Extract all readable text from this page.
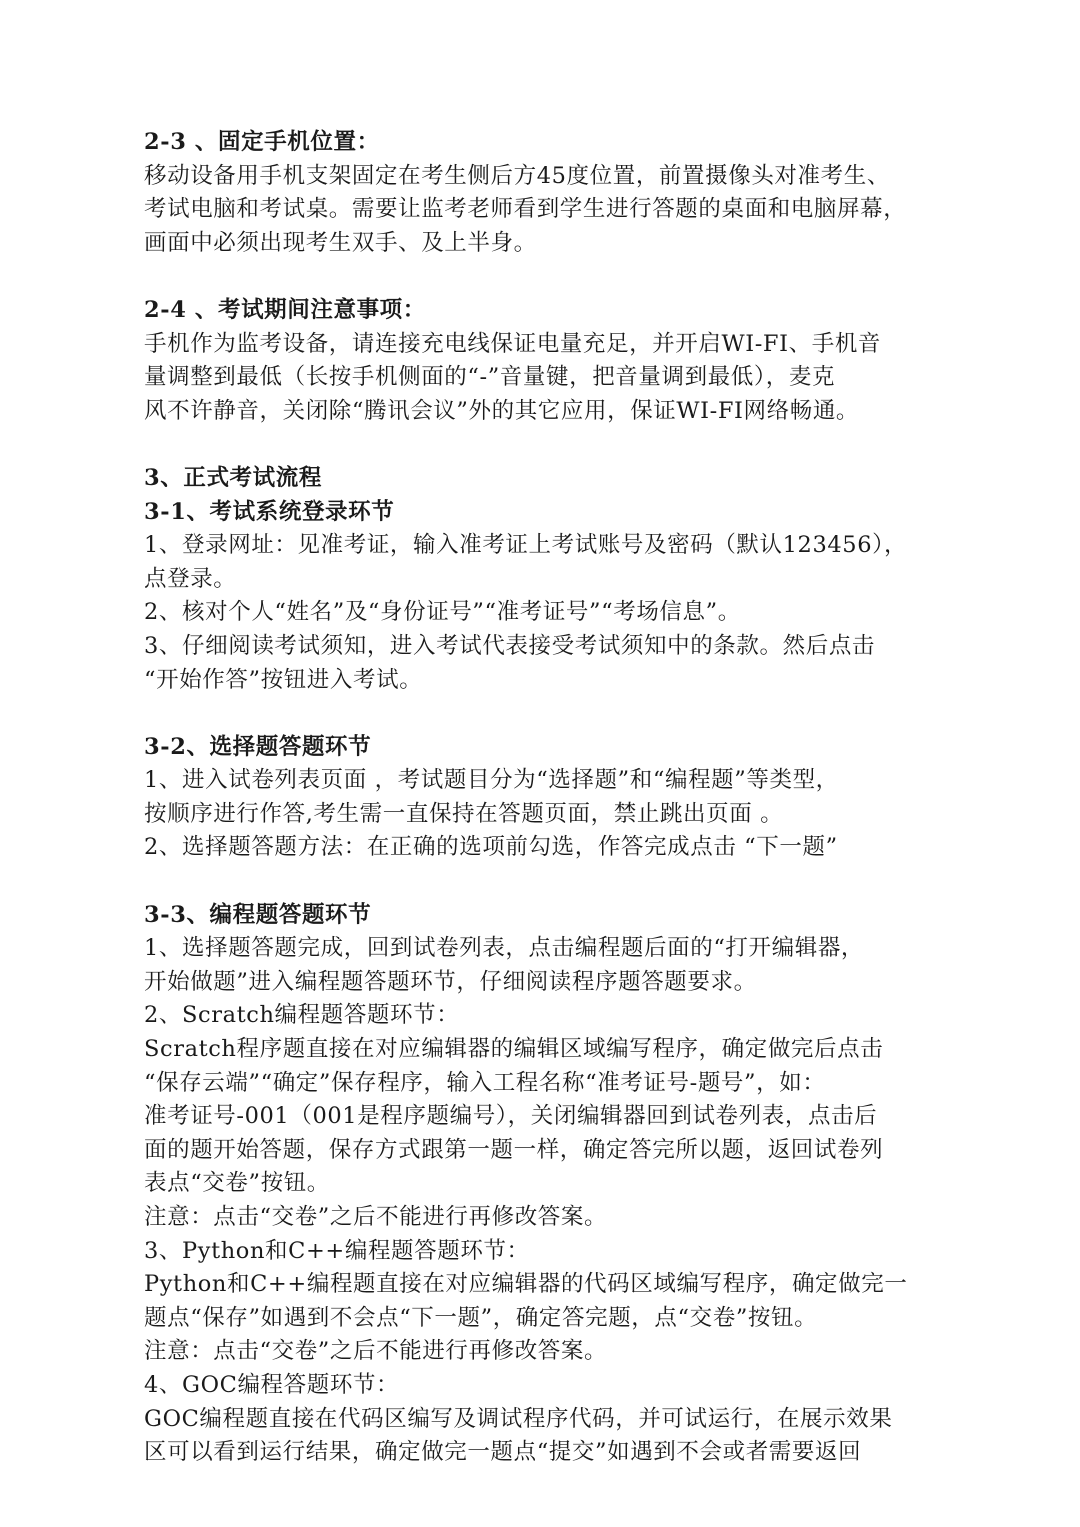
2-3 、固定手机位置：
移动设备用手机支架固定在考生侧后方45度位置，前置摄像头对准考生、
考试电脑和考试桌。需要让监考老师看到学生进行答题的桌面和电脑屏幕，
画面中必须出现考生双手、及上半身。
2-4 、考试期间注意事项：
手机作为监考设备，请连接充电线保证电量充足，并开启WI-FI、手机音
量调整到最低（长按手机侧面的“-”音量键，把音量调到最低），麦克
风不许静音，关闭除“腾讯会议”外的其它应用，保证WI-FI网络畅通。
3、正式考试流程
3-1、考试系统登录环节
1、登录网址：见准考证，输入准考证上考试账号及密码（默认123456），
点登录。
2、核对个人“姓名”及“身份证号”“准考证号”“考场信息”。
3、仔细阅读考试须知，进入考试代表接受考试须知中的条款。然后点击
“开始作答”按钮进入考试。
3-2、选择题答题环节
1、进入试卷列表页面 ，考试题目分为“选择题”和“编程题”等类型，
按顺序进行作答,考生需一直保持在答题页面，禁止跳出页面 。
2、选择题答题方法：在正确的选项前勾选，作答完成点击 “下一题”
3-3、编程题答题环节
1、选择题答题完成，回到试卷列表，点击编程题后面的“打开编辑器，
开始做题”进入编程题答题环节，仔细阅读程序题答题要求。
2、Scratch编程题答题环节：
Scratch程序题直接在对应编辑器的编辑区域编写程序，确定做完后点击
“保存云端”“确定”保存程序，输入工程名称“准考证号-题号”，如：
准考证号-001（001是程序题编号），关闭编辑器回到试卷列表，点击后
面的题开始答题，保存方式跟第一题一样，确定答完所以题，返回试卷列
表点“交卷”按钮。
注意：点击“交卷”之后不能进行再修改答案。
3、Python和C++编程题答题环节：
Python和C++编程题直接在对应编辑器的代码区域编写程序，确定做完一
题点“保存”如遇到不会点“下一题”，确定答完题，点“交卷”按钮。
注意：点击“交卷”之后不能进行再修改答案。
4、GOC编程答题环节：
GOC编程题直接在代码区编写及调试程序代码，并可试运行，在展示效果
区可以看到运行结果，确定做完一题点“提交”如遇到不会或者需要返回
